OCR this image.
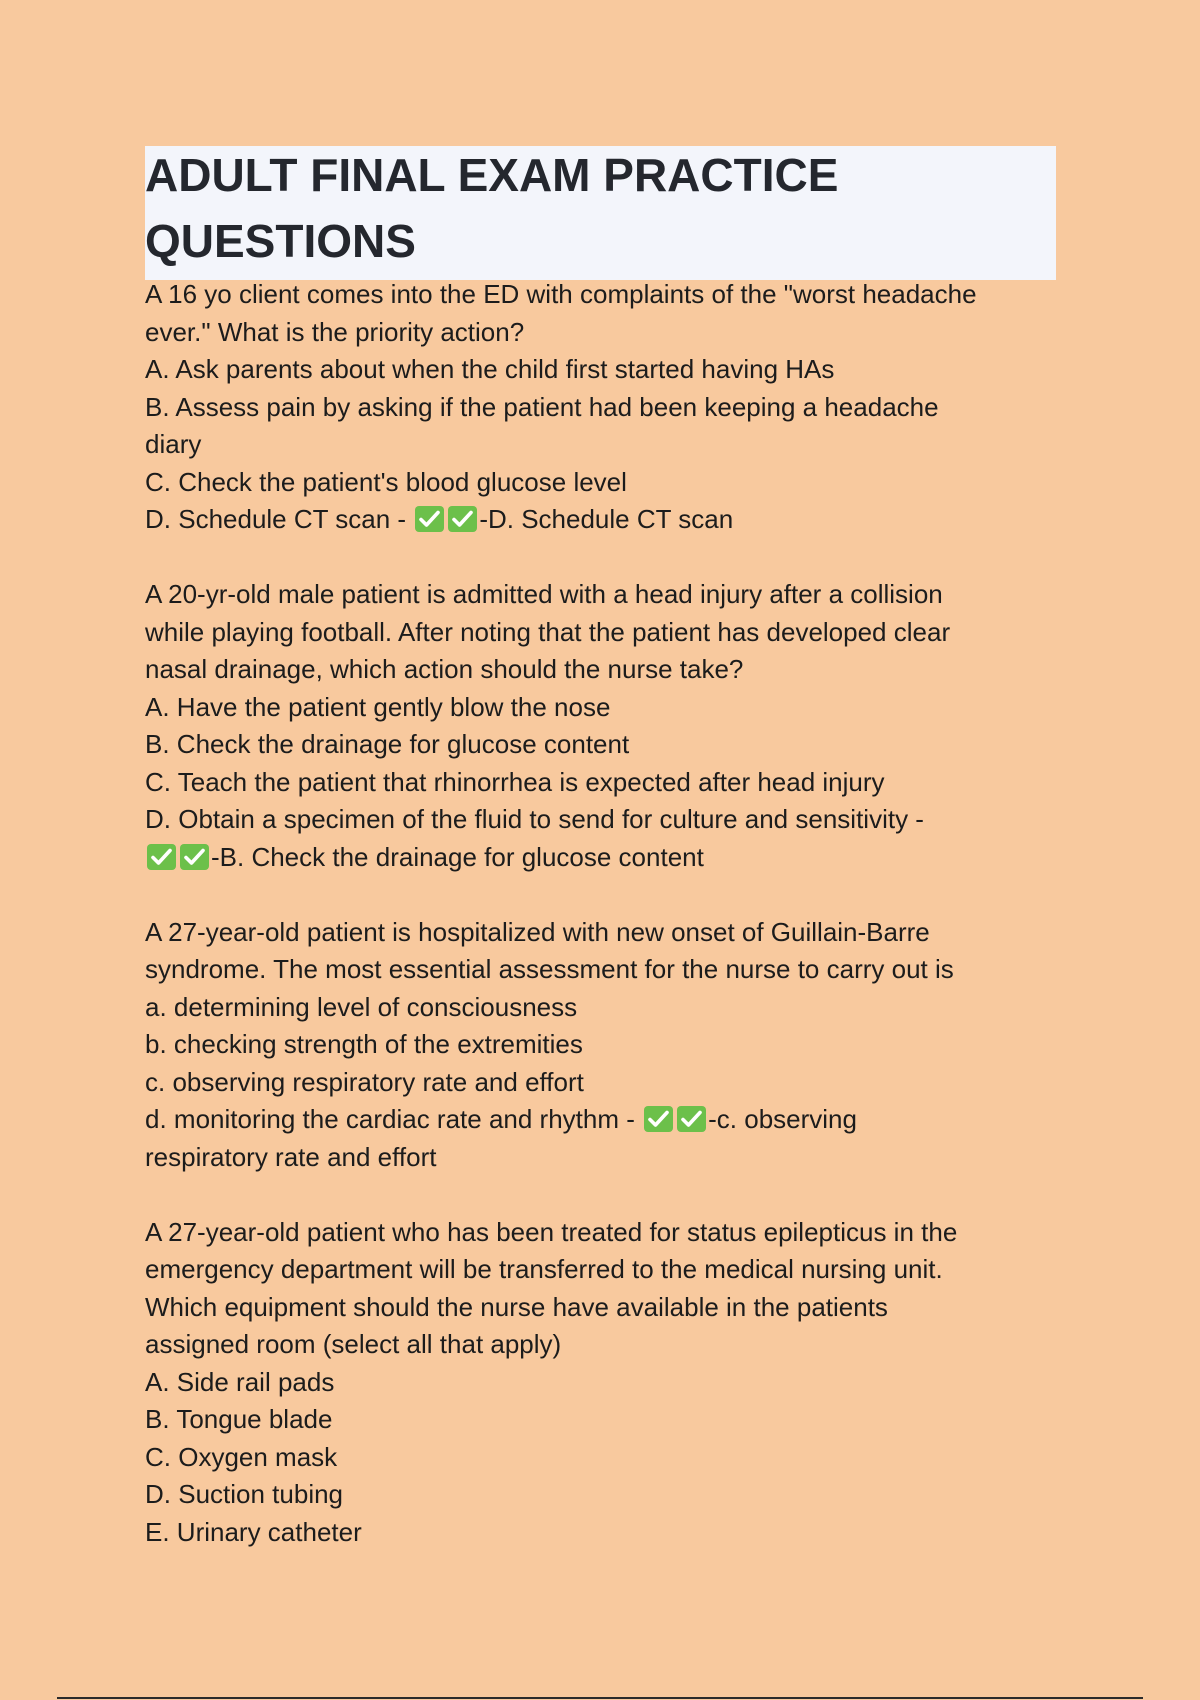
ADULT FINAL EXAM PRACTICE QUESTIONS
A 16 yo client comes into the ED with complaints of the "worst headache
ever." What is the priority action?
A. Ask parents about when the child first started having HAs
B. Assess pain by asking if the patient had been keeping a headache
diary
C. Check the patient's blood glucose level
D. Schedule CT scan -	-D. Schedule CT scan
A 20-yr-old male patient is admitted with a head injury after a collision
while playing football. After noting that the patient has developed clear
nasal drainage, which action should the nurse take?
A. Have the patient gently blow the nose
B. Check the drainage for glucose content
C. Teach the patient that rhinorrhea is expected after head injury
D. Obtain a specimen of the fluid to send for culture and sensitivity -
-B. Check the drainage for glucose content
A 27-year-old patient is hospitalized with new onset of Guillain-Barre
syndrome. The most essential assessment for the nurse to carry out is
a. determining level of consciousness
b. checking strength of the extremities
c. observing respiratory rate and effort
d. monitoring the cardiac rate and rhythm -	-c. observing
respiratory rate and effort
A 27-year-old patient who has been treated for status epilepticus in the
emergency department will be transferred to the medical nursing unit.
Which equipment should the nurse have available in the patients
assigned room (select all that apply)
A. Side rail pads
B. Tongue blade
C. Oxygen mask
D. Suction tubing
E. Urinary catheter
